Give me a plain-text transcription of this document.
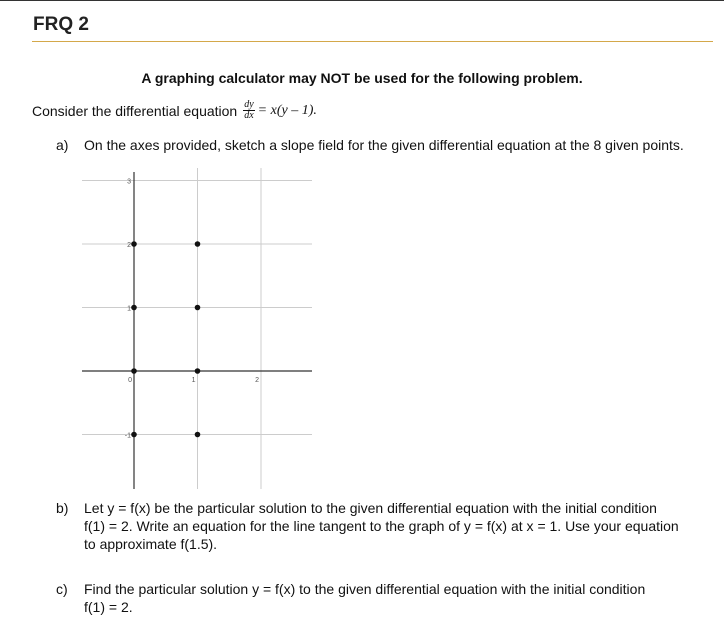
FRQ 2
A graphing calculator may NOT be used for the following problem.
Consider the differential equation $\frac{dy}{dx} = x(y - 1)$.
a) On the axes provided, sketch a slope field for the given differential equation at the 8 given points.
-1
1
2
3
0	1	2
b) Let y = f(x) be the particular solution to the given differential equation with the initial condition
f(1) = 2. Write an equation for the line tangent to the graph of y = f(x) at x = 1. Use your equation
to approximate f(1.5).
c) Find the particular solution y = f(x) to the given differential equation with the initial condition
f(1) = 2.
